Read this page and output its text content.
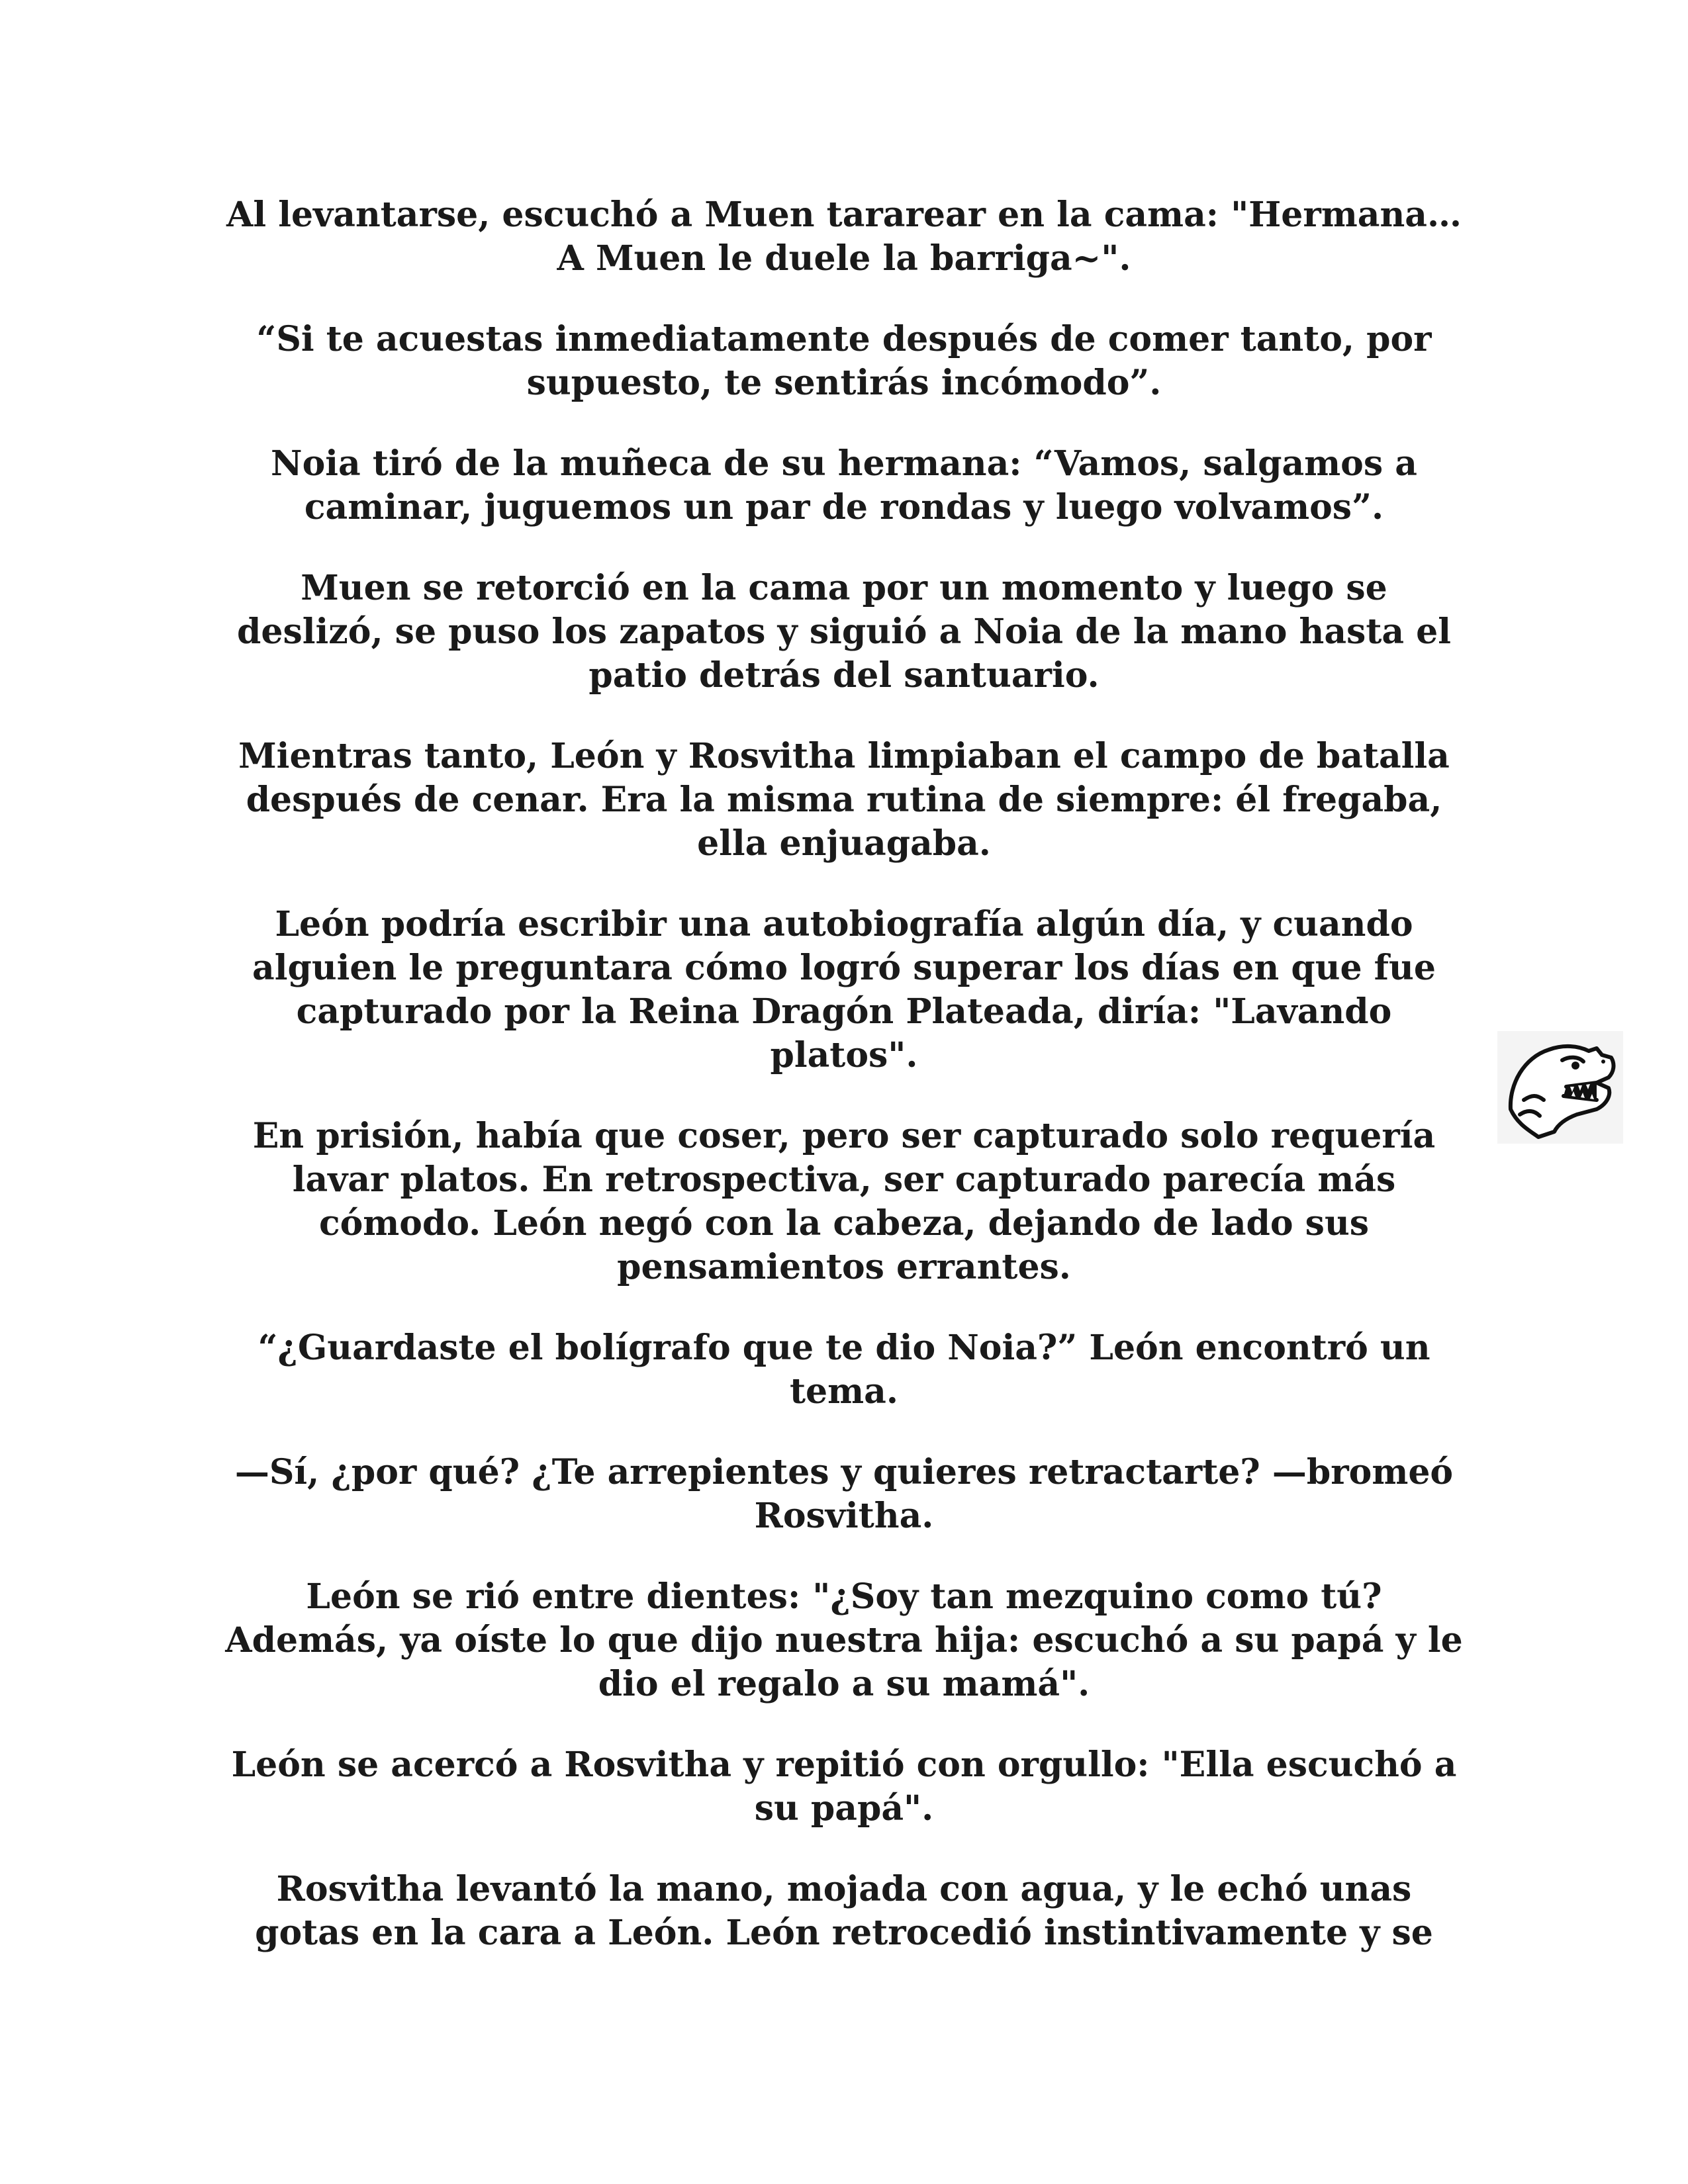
Al levantarse, escuchó a Muen tararear en la cama: "Hermana… A Muen le duele la barriga~".

“Si te acuestas inmediatamente después de comer tanto, por supuesto, te sentirás incómodo”.

Noia tiró de la muñeca de su hermana: “Vamos, salgamos a caminar, juguemos un par de rondas y luego volvamos”.

Muen se retorció en la cama por un momento y luego se deslizó, se puso los zapatos y siguió a Noia de la mano hasta el patio detrás del santuario.

Mientras tanto, León y Rosvitha limpiaban el campo de batalla después de cenar. Era la misma rutina de siempre: él fregaba, ella enjuagaba.

León podría escribir una autobiografía algún día, y cuando alguien le preguntara cómo logró superar los días en que fue capturado por la Reina Dragón Plateada, diría: "Lavando platos".

En prisión, había que coser, pero ser capturado solo requería lavar platos. En retrospectiva, ser capturado parecía más cómodo. León negó con la cabeza, dejando de lado sus pensamientos errantes.

“¿Guardaste el bolígrafo que te dio Noia?” León encontró un tema.

—Sí, ¿por qué? ¿Te arrepientes y quieres retractarte? —bromeó Rosvitha.

León se rió entre dientes: "¿Soy tan mezquino como tú? Además, ya oíste lo que dijo nuestra hija: escuchó a su papá y le dio el regalo a su mamá".

León se acercó a Rosvitha y repitió con orgullo: "Ella escuchó a su papá".

Rosvitha levantó la mano, mojada con agua, y le echó unas gotas en la cara a León. León retrocedió instintivamente y se
